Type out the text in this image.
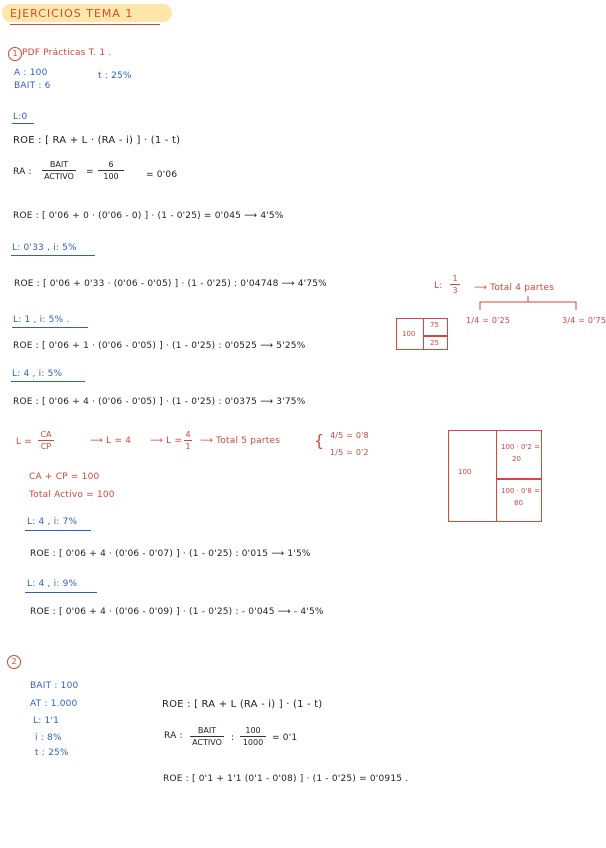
EJERCICIOS TEMA 1
1 PDF Prácticas T. 1 .
A : 100	t : 25%
BAIT : 6
L:0
ROE : [ RA + L · (RA - i) ] · (1 - t)
RA :
BAIT
ACTIVO =
6
100	= 0'06
ROE : [ 0'06 + 0 · (0'06 - 0) ] · (1 - 0'25) = 0'045 ⟶ 4'5%
L: 0'33 , i: 5%
ROE : [ 0'06 + 0'33 · (0'06 - 0'05) ] · (1 - 0'25) : 0'04748 ⟶ 4'75%	L:
1
3 ⟶ Total 4 partes
1/4 = 0'25	3/4 = 0'75
100
75
25
L: 1 , i: 5% .
ROE : [ 0'06 + 1 · (0'06 - 0'05) ] · (1 - 0'25) : 0'0525 ⟶ 5'25%
L: 4 , i: 5%
ROE : [ 0'06 + 4 · (0'06 - 0'05) ] · (1 - 0'25) : 0'0375 ⟶ 3'75%
L =
CA
CP
⟶ L = 4 ⟶ L =
4
1
⟶ Total 5 partes { 4/5 = 0'8
1/5 = 0'2
CA + CP = 100
Total Activo = 100
100
100 · 0'2 =
20
100 · 0'8 =
80
L: 4 , i: 7%
ROE : [ 0'06 + 4 · (0'06 - 0'07) ] · (1 - 0'25) : 0'015 ⟶ 1'5%
L: 4 , i: 9%
ROE : [ 0'06 + 4 · (0'06 - 0'09) ] · (1 - 0'25) : - 0'045 ⟶ - 4'5%
2
BAIT : 100
AT : 1.000
L: 1'1
i : 8%
t : 25%
ROE : [ RA + L (RA - i) ] · (1 - t)
RA :
BAIT
ACTIVO :
100
1000 = 0'1
ROE : [ 0'1 + 1'1 (0'1 - 0'08) ] · (1 - 0'25) = 0'0915 .
